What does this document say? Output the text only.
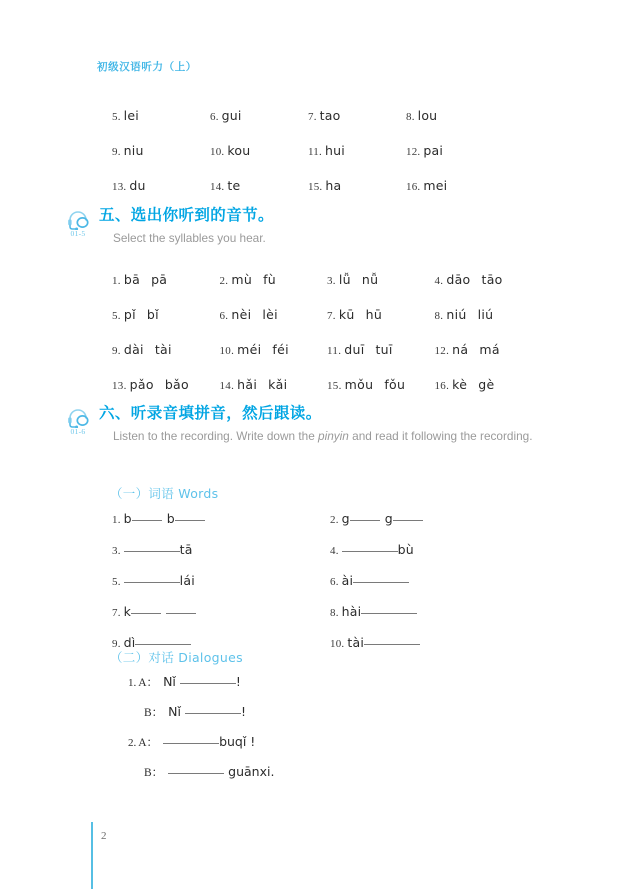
初级汉语听力（上）
5. lei	6. gui	7. tao	8. lou
9. niu	10. kou	11. hui	12. pai
13. du	14. te	15. ha	16. mei
01-5
五、选出你听到的音节。
Select the syllables you hear.
1. bā pā	2. mù fù	3. lǚ nǚ	4. dāo tāo
5. pǐ bǐ	6. nèi lèi	7. kū hū	8. niú liú
9. dài tài	10. méi féi	11. duī tuī	12. ná má
13. pǎo bǎo	14. hǎi kǎi	15. mǒu fǒu	16. kè gè
01-6
六、听录音填拼音，然后跟读。
Listen to the recording. Write down the pinyin and read it following the recording.
（一）词语 Words
1. b	b	2. g	g
3.	tā	4.	bù
5.	lái	6. ài
7. k	8. hài
9. dì	10. tài
（二）对话 Dialogues
1. A： Nǐ	!
B： Nǐ	!
2. A：	buqǐ !
B：	guānxi.
2
